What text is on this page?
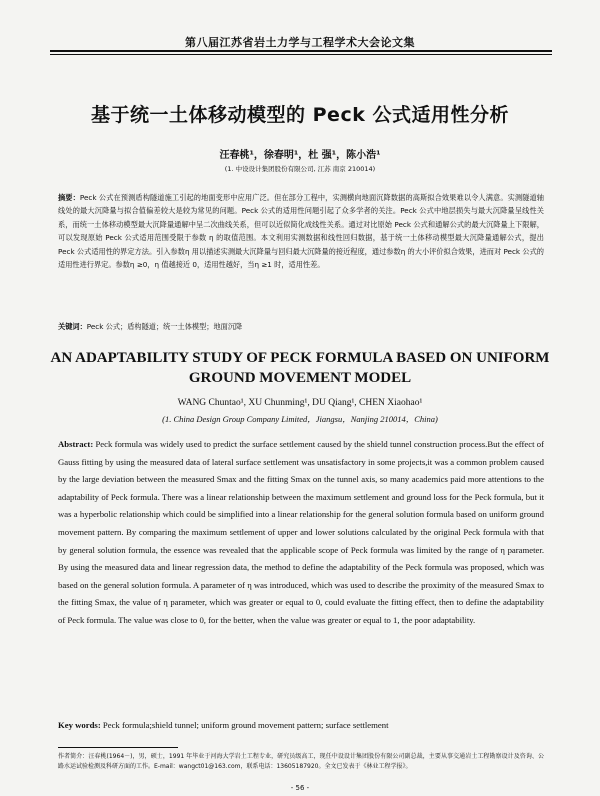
第八届江苏省岩土力学与工程学术大会论文集
基于统一土体移动模型的 Peck 公式适用性分析
汪春桃¹，徐春明¹，杜 强¹，陈小浩¹
(1. 中设设计集团股份有限公司, 江苏 南京 210014)
摘要：Peck 公式在预测盾构隧道施工引起的地面变形中应用广泛。但在部分工程中，实测横向地面沉降数据的高斯拟合效果难以令人满意。实测隧道轴线处的最大沉降量与拟合值偏差较大是较为常见的问题。Peck 公式的适用性问题引起了众多学者的关注。Peck 公式中地层损失与最大沉降量呈线性关系，而统一土体移动模型最大沉降量通解中呈二次曲线关系，但可以近似简化成线性关系。通过对比原始 Peck 公式和通解公式的最大沉降量上下限解，可以发现原始 Peck 公式适用范围受限于参数 η 的取值范围。本文利用实测数据和线性回归数据，基于统一土体移动模型最大沉降量通解公式，提出 Peck 公式适用性的界定方法。引入参数η 用以描述实测最大沉降量与回归最大沉降量的接近程度，通过参数η 的大小评价拟合效果，进而对 Peck 公式的适用性进行界定。参数η ≥0，η 值越接近 0，适用性越好，当η ≥1 时，适用性差。
关键词：Peck 公式；盾构隧道；统一土体模型；地面沉降
AN ADAPTABILITY STUDY OF PECK FORMULA BASED ON UNIFORM GROUND MOVEMENT MODEL
WANG Chuntao¹, XU Chunming¹, DU Qiang¹, CHEN Xiaohao¹
(1. China Design Group Company Limited，Jiangsu，Nanjing 210014，China)
Abstract: Peck formula was widely used to predict the surface settlement caused by the shield tunnel construction process.But the effect of Gauss fitting by using the measured data of lateral surface settlement was unsatisfactory in some projects,it was a common problem caused by the large deviation between the measured Smax and the fitting Smax on the tunnel axis, so many academics paid more attentions to the adaptability of Peck formula. There was a linear relationship between the maximum settlement and ground loss for the Peck formula, but it was a hyperbolic relationship which could be simplified into a linear relationship for the general solution formula based on uniform ground movement pattern. By comparing the maximum settlement of upper and lower solutions calculated by the original Peck formula with that by general solution formula, the essence was revealed that the applicable scope of Peck formula was limited by the range of η parameter. By using the measured data and linear regression data, the method to define the adaptability of the Peck formula was proposed, which was based on the general solution formula. A parameter of η was introduced, which was used to describe the proximity of the measured Smax to the fitting Smax, the value of η parameter, which was greater or equal to 0, could evaluate the fitting effect, then to define the adaptability of Peck formula. The value was close to 0, for the better, when the value was greater or equal to 1, the poor adaptability.
Key words: Peck formula;shield tunnel; uniform ground movement pattern; surface settlement
作者简介：汪春桃(1964－)，男，硕士，1991 年毕业于河海大学岩土工程专业，研究员级高工，现任中设设计集团股份有限公司副总裁，主要从事交通岩土工程勘察设计及咨询、公路水运试验检测及科研方面的工作。E-mail：wangct01@163.com，联系电话：13605187920。全文已发表于《林业工程学报》。
- 56 -
